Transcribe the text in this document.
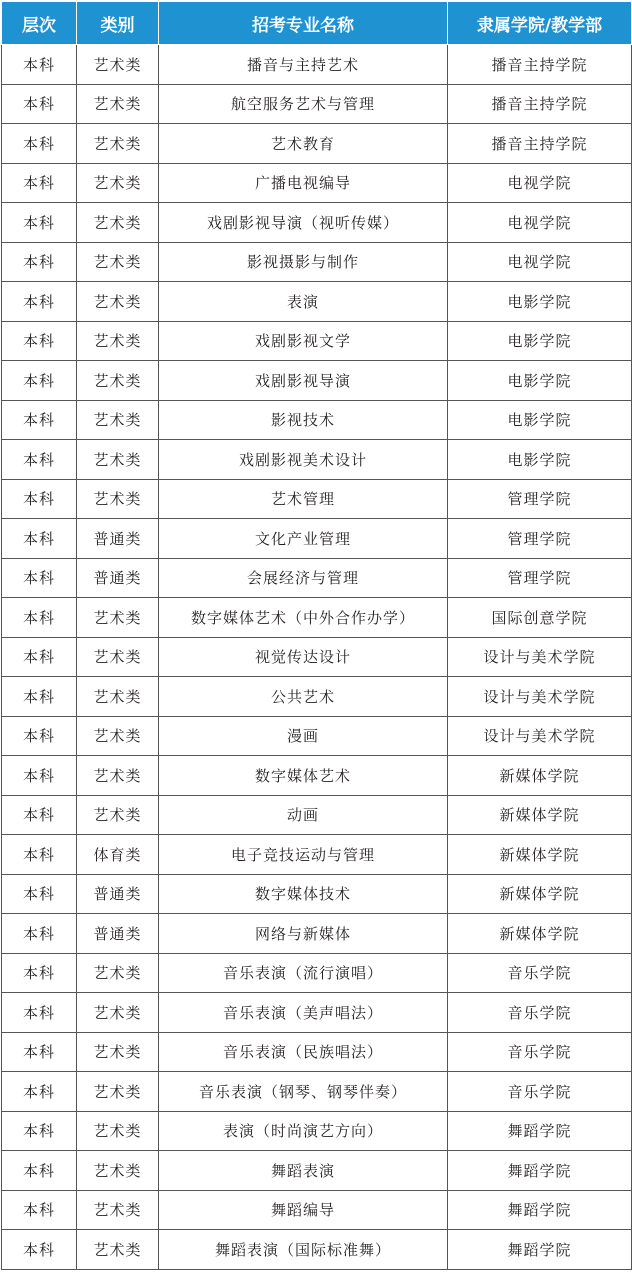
层次	类别	招考专业名称	隶属学院/教学部
本科	艺术类	播音与主持艺术	播音主持学院
本科	艺术类	航空服务艺术与管理	播音主持学院
本科	艺术类	艺术教育	播音主持学院
本科	艺术类	广播电视编导	电视学院
本科	艺术类	戏剧影视导演（视听传媒）	电视学院
本科	艺术类	影视摄影与制作	电视学院
本科	艺术类	表演	电影学院
本科	艺术类	戏剧影视文学	电影学院
本科	艺术类	戏剧影视导演	电影学院
本科	艺术类	影视技术	电影学院
本科	艺术类	戏剧影视美术设计	电影学院
本科	艺术类	艺术管理	管理学院
本科	普通类	文化产业管理	管理学院
本科	普通类	会展经济与管理	管理学院
本科	艺术类	数字媒体艺术（中外合作办学）	国际创意学院
本科	艺术类	视觉传达设计	设计与美术学院
本科	艺术类	公共艺术	设计与美术学院
本科	艺术类	漫画	设计与美术学院
本科	艺术类	数字媒体艺术	新媒体学院
本科	艺术类	动画	新媒体学院
本科	体育类	电子竞技运动与管理	新媒体学院
本科	普通类	数字媒体技术	新媒体学院
本科	普通类	网络与新媒体	新媒体学院
本科	艺术类	音乐表演（流行演唱）	音乐学院
本科	艺术类	音乐表演（美声唱法）	音乐学院
本科	艺术类	音乐表演（民族唱法）	音乐学院
本科	艺术类	音乐表演（钢琴、钢琴伴奏）	音乐学院
本科	艺术类	表演（时尚演艺方向）	舞蹈学院
本科	艺术类	舞蹈表演	舞蹈学院
本科	艺术类	舞蹈编导	舞蹈学院
本科	艺术类	舞蹈表演（国际标准舞）	舞蹈学院
